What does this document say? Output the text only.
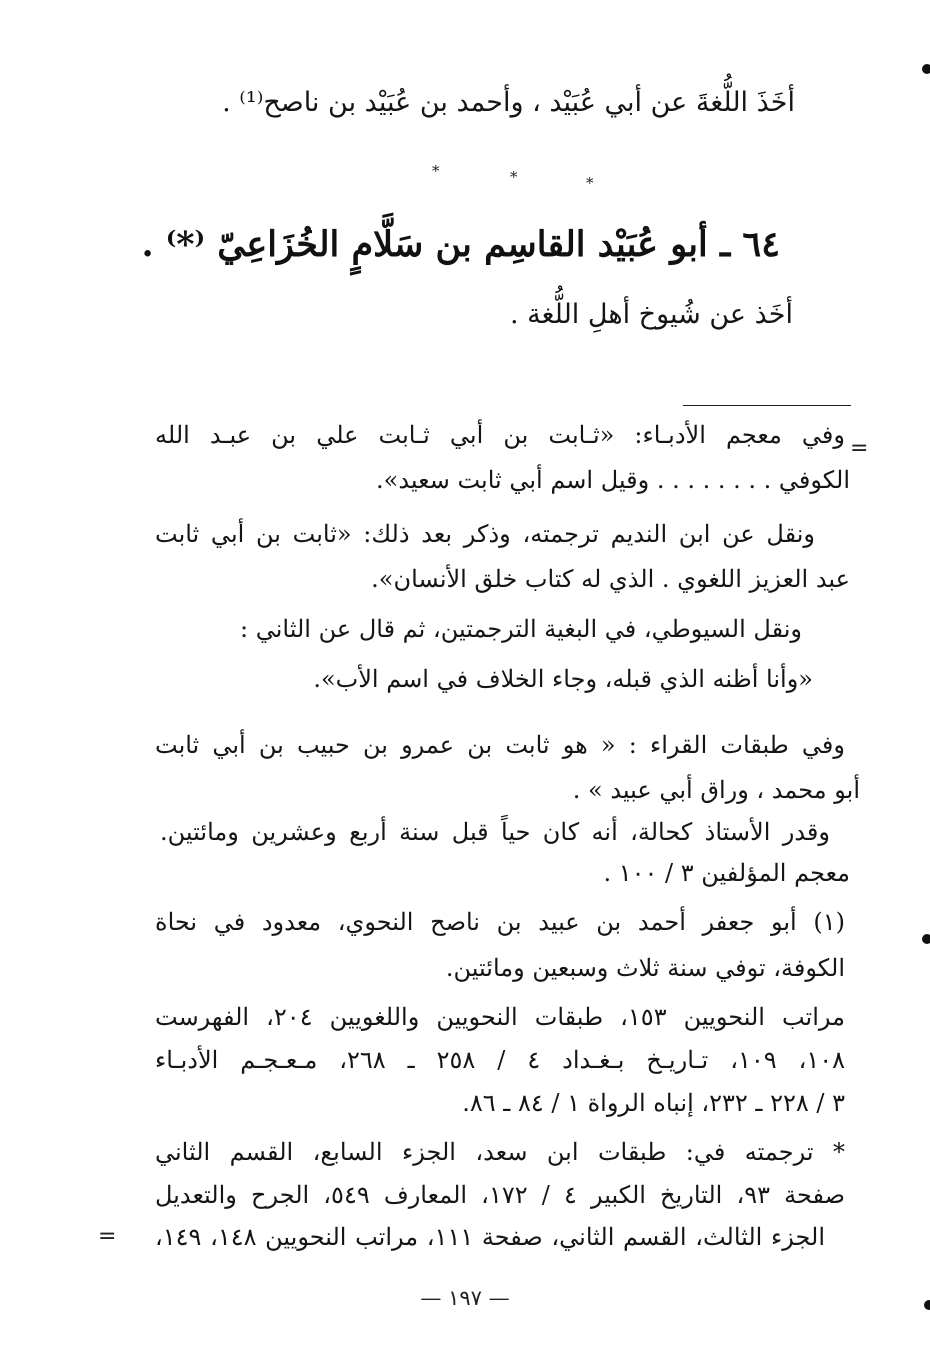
أخَذَ اللُّغةَ عن أبي عُبَيْد ، وأحمد بن عُبَيْد بن ناصح⁽¹⁾ .
*	*	*
٦٤ ـ أبو عُبَيْد القاسِم بن سَلَّامٍ الخُزَاعِيّ ⁽*⁾ .
أخَذ عن شُيوخ أهلِ اللُّغة .
=
وفي معجم الأدبـاء: «ثـابت بن أبي ثـابت علي بن عبـد الله
الكوفي . . . . . . . . وقيل اسم أبي ثابت سعيد».
ونقل عن ابن النديم ترجمته، وذكر بعد ذلك: «ثابت بن أبي ثابت
عبد العزيز اللغوي . الذي له كتاب خلق الأنسان».
ونقل السيوطي، في البغية الترجمتين، ثم قال عن الثاني :
«وأنا أظنه الذي قبله، وجاء الخلاف في اسم الأب».
وفي طبقات القراء : « هو ثابت بن عمرو بن حبيب بن أبي ثابت
أبو محمد ، وراق أبي عبيد » .
وقدر الأستاذ كحالة، أنه كان حياً قبل سنة أربع وعشرين ومائتين.
معجم المؤلفين ٣ / ١٠٠ .
(١) أبو جعفر أحمد بن عبيد بن ناصح النحوي، معدود في نحاة
الكوفة، توفي سنة ثلاث وسبعين ومائتين.
مراتب النحويين ١٥٣، طبقات النحويين واللغويين ٢٠٤، الفهرست
١٠٨، ١٠٩، تـاريـخ بـغـداد ٤ / ٢٥٨ ـ ٢٦٨، مـعـجـم الأدبـاء
٣ / ٢٢٨ ـ ٢٣٢، إنباه الرواة ١ / ٨٤ ـ ٨٦.
* ترجمته في: طبقات ابن سعد، الجزء السابع، القسم الثاني
صفحة ٩٣، التاريخ الكبير ٤ / ١٧٢، المعارف ٥٤٩، الجرح والتعديل
الجزء الثالث، القسم الثاني، صفحة ١١١، مراتب النحويين ١٤٨، ١٤٩،
=
— ١٩٧ —
